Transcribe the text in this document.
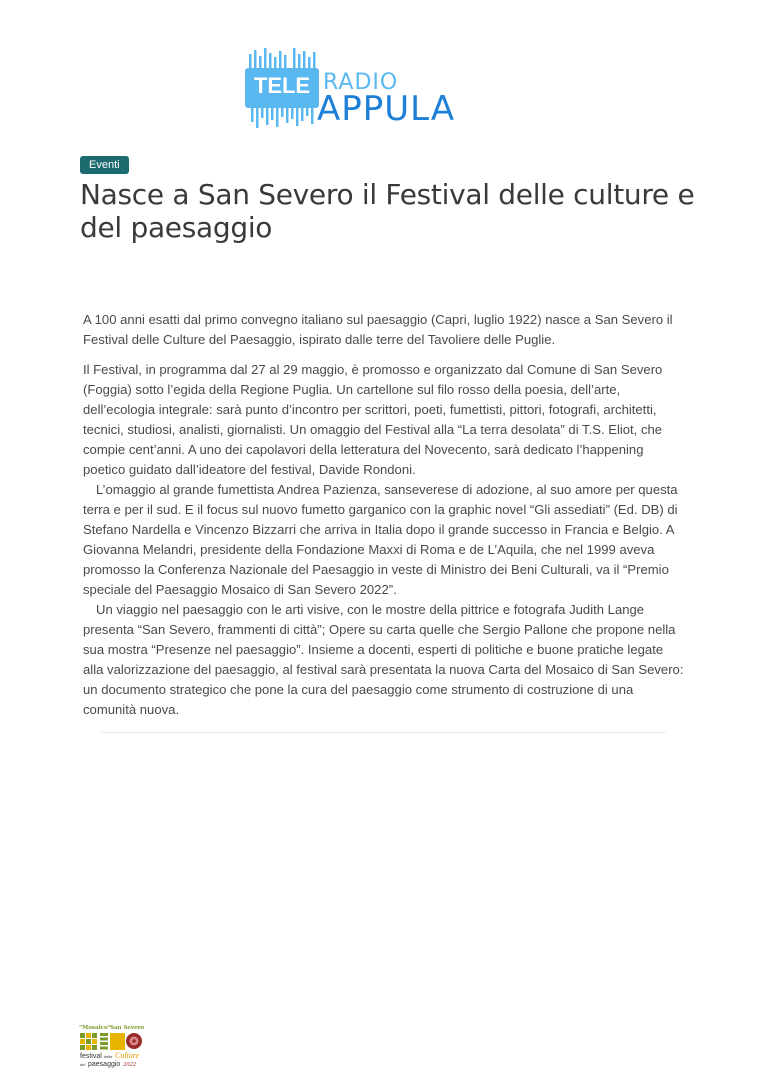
TELE RADIO
APPULA
Eventi
Nasce a San Severo il Festival delle culture e del paesaggio

A 100 anni esatti dal primo convegno italiano sul paesaggio (Capri, luglio 1922) nasce a San Severo il Festival delle Culture del Paesaggio, ispirato dalle terre del Tavoliere delle Puglie.

Il Festival, in programma dal 27 al 29 maggio, è promosso e organizzato dal Comune di San Severo (Foggia) sotto l’egida della Regione Puglia. Un cartellone sul filo rosso della poesia, dell’arte, dell’ecologia integrale: sarà punto d’incontro per scrittori, poeti, fumettisti, pittori, fotografi, architetti, tecnici, studiosi, analisti, giornalisti. Un omaggio del Festival alla “La terra desolata” di T.S. Eliot, che compie cent’anni. A uno dei capolavori della letteratura del Novecento, sarà dedicato l’happening poetico guidato dall’ideatore del festival, Davide Rondoni.

L’omaggio al grande fumettista Andrea Pazienza, sanseverese di adozione, al suo amore per questa terra e per il sud. E il focus sul nuovo fumetto garganico con la graphic novel “Gli assediati” (Ed. DB) di Stefano Nardella e Vincenzo Bizzarri che arriva in Italia dopo il grande successo in Francia e Belgio. A Giovanna Melandri, presidente della Fondazione Maxxi di Roma e de L’Aquila, che nel 1999 aveva promosso la Conferenza Nazionale del Paesaggio in veste di Ministro dei Beni Culturali, va il “Premio speciale del Paesaggio Mosaico di San Severo 2022”.

Un viaggio nel paesaggio con le arti visive, con le mostre della pittrice e fotografa Judith Lange presenta “San Severo, frammenti di città”; Opere su carta quelle che Sergio Pallone che propone nella sua mostra “Presenze nel paesaggio”. Insieme a docenti, esperti di politiche e buone pratiche legate alla valorizzazione del paesaggio, al festival sarà presentata la nuova Carta del Mosaico di San Severo: un documento strategico che pone la cura del paesaggio come strumento di costruzione di una comunità nuova.

“Mosaico” San Severo
festival delle Culture
del paesaggio 2022
